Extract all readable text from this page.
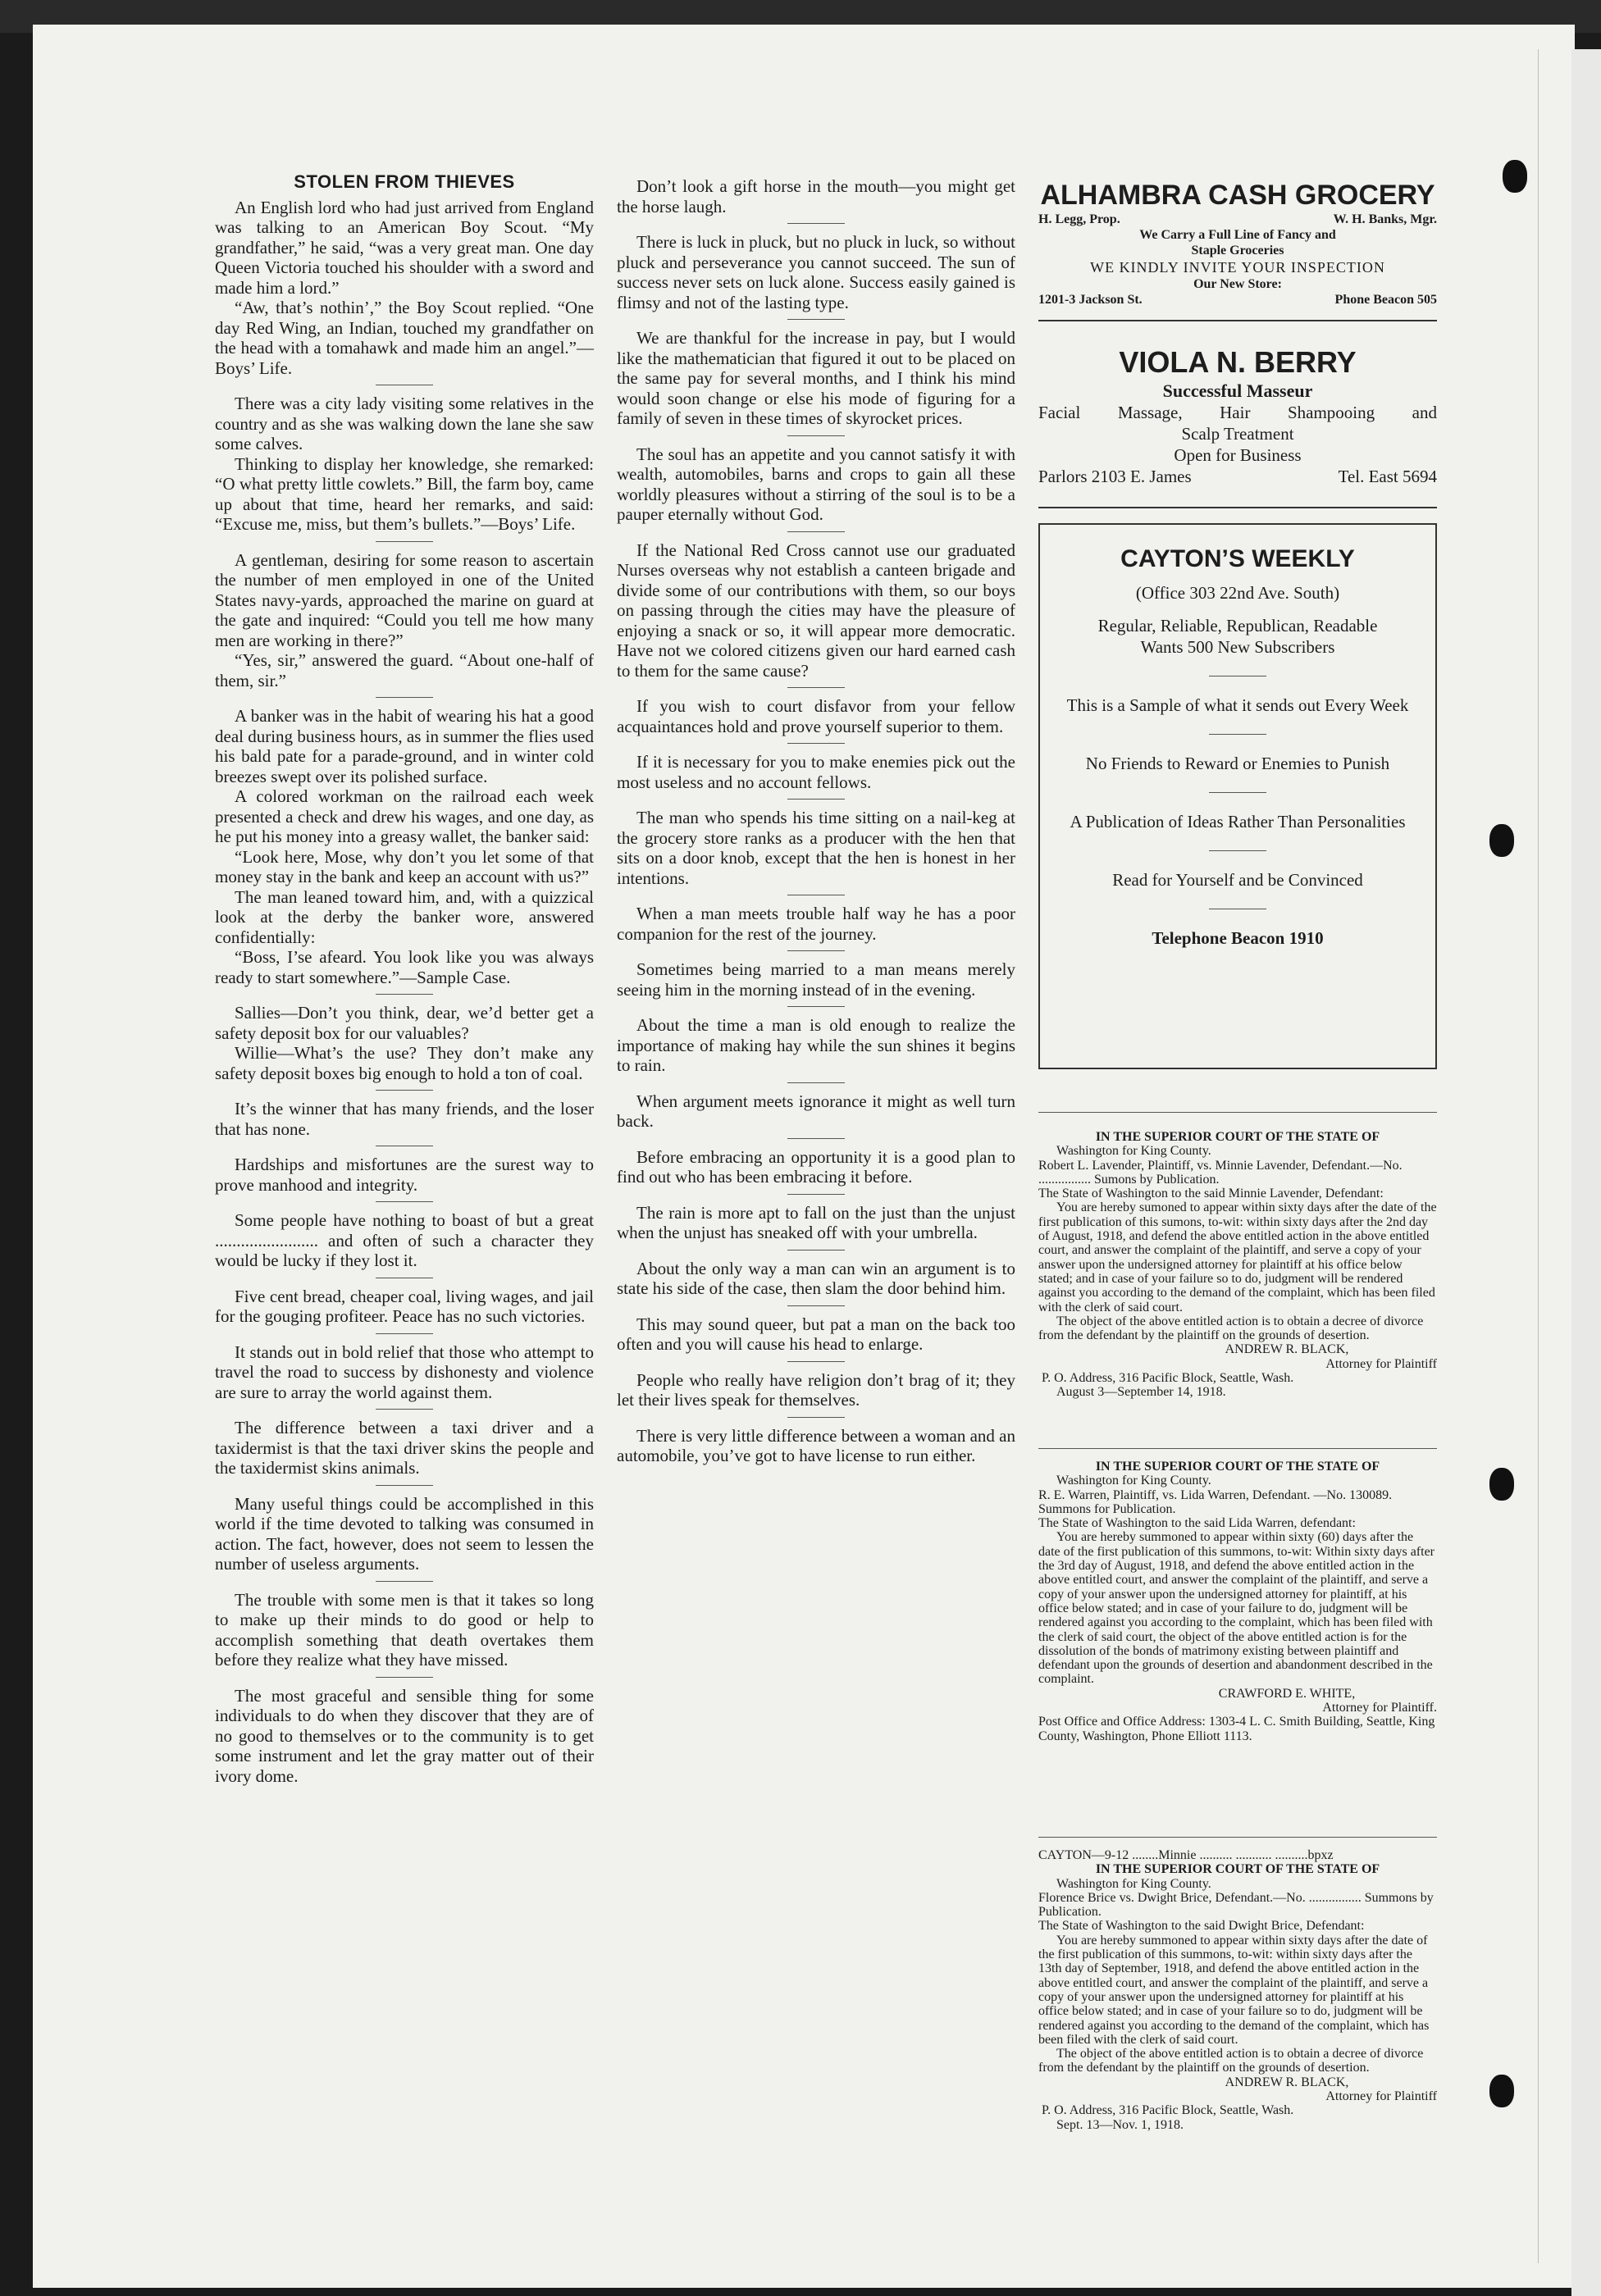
STOLEN FROM THIEVES

An English lord who had just arrived from England was talking to an American Boy Scout. “My grandfather,” he said, “was a very great man. One day Queen Victoria touched his shoulder with a sword and made him a lord.”

“Aw, that’s nothin’,” the Boy Scout replied. “One day Red Wing, an Indian, touched my grandfather on the head with a tomahawk and made him an angel.”—Boys’ Life.

There was a city lady visiting some relatives in the country and as she was walking down the lane she saw some calves.

Thinking to display her knowledge, she remarked: “O what pretty little cowlets.” Bill, the farm boy, came up about that time, heard her remarks, and said: “Excuse me, miss, but them’s bullets.”—Boys’ Life.

A gentleman, desiring for some reason to ascertain the number of men employed in one of the United States navy-yards, approached the marine on guard at the gate and inquired: “Could you tell me how many men are working in there?”

“Yes, sir,” answered the guard. “About one-half of them, sir.”

A banker was in the habit of wearing his hat a good deal during business hours, as in summer the flies used his bald pate for a parade-ground, and in winter cold breezes swept over its polished surface.

A colored workman on the railroad each week presented a check and drew his wages, and one day, as he put his money into a greasy wallet, the banker said:

“Look here, Mose, why don’t you let some of that money stay in the bank and keep an account with us?”

The man leaned toward him, and, with a quizzical look at the derby the banker wore, answered confidentially:

“Boss, I’se afeard. You look like you was always ready to start somewhere.”—Sample Case.

Sallies—Don’t you think, dear, we’d better get a safety deposit box for our valuables?

Willie—What’s the use? They don’t make any safety deposit boxes big enough to hold a ton of coal.

It’s the winner that has many friends, and the loser that has none.

Hardships and misfortunes are the surest way to prove manhood and integrity.

Some people have nothing to boast of but a great ........................ and often of such a character they would be lucky if they lost it.

Five cent bread, cheaper coal, living wages, and jail for the gouging profiteer. Peace has no such victories.

It stands out in bold relief that those who attempt to travel the road to success by dishonesty and violence are sure to array the world against them.

The difference between a taxi driver and a taxidermist is that the taxi driver skins the people and the taxidermist skins animals.

Many useful things could be accomplished in this world if the time devoted to talking was consumed in action. The fact, however, does not seem to lessen the number of useless arguments.

The trouble with some men is that it takes so long to make up their minds to do good or help to accomplish something that death overtakes them before they realize what they have missed.

The most graceful and sensible thing for some individuals to do when they discover that they are of no good to themselves or to the community is to get some instrument and let the gray matter out of their ivory dome.

Don’t look a gift horse in the mouth—you might get the horse laugh.

There is luck in pluck, but no pluck in luck, so without pluck and perseverance you cannot succeed. The sun of success never sets on luck alone. Success easily gained is flimsy and not of the lasting type.

We are thankful for the increase in pay, but I would like the mathematician that figured it out to be placed on the same pay for several months, and I think his mind would soon change or else his mode of figuring for a family of seven in these times of skyrocket prices.

The soul has an appetite and you cannot satisfy it with wealth, automobiles, barns and crops to gain all these worldly pleasures without a stirring of the soul is to be a pauper eternally without God.

If the National Red Cross cannot use our graduated Nurses overseas why not establish a canteen brigade and divide some of our contributions with them, so our boys on passing through the cities may have the pleasure of enjoying a snack or so, it will appear more democratic. Have not we colored citizens given our hard earned cash to them for the same cause?

If you wish to court disfavor from your fellow acquaintances hold and prove yourself superior to them.

If it is necessary for you to make enemies pick out the most useless and no account fellows.

The man who spends his time sitting on a nail-keg at the grocery store ranks as a producer with the hen that sits on a door knob, except that the hen is honest in her intentions.

When a man meets trouble half way he has a poor companion for the rest of the journey.

Sometimes being married to a man means merely seeing him in the morning instead of in the evening.

About the time a man is old enough to realize the importance of making hay while the sun shines it begins to rain.

When argument meets ignorance it might as well turn back.

Before embracing an opportunity it is a good plan to find out who has been embracing it before.

The rain is more apt to fall on the just than the unjust when the unjust has sneaked off with your umbrella.

About the only way a man can win an argument is to state his side of the case, then slam the door behind him.

This may sound queer, but pat a man on the back too often and you will cause his head to enlarge.

People who really have religion don’t brag of it; they let their lives speak for themselves.

There is very little difference between a woman and an automobile, you’ve got to have license to run either.

ALHAMBRA CASH GROCERY
H. Legg, Prop.	W. H. Banks, Mgr.
We Carry a Full Line of Fancy and
Staple Groceries
WE KINDLY INVITE YOUR INSPECTION
Our New Store:
1201-3 Jackson St.	Phone Beacon 505
VIOLA N. BERRY
Successful Masseur
Facial Massage, Hair Shampooing and
Scalp Treatment
Open for Business
Parlors 2103 E. James	Tel. East 5694
CAYTON’S WEEKLY
(Office 303 22nd Ave. South)
Regular, Reliable, Republican, Readable
Wants 500 New Subscribers
This is a Sample of what it sends out Every Week
No Friends to Reward or Enemies to Punish
A Publication of Ideas Rather Than Personalities
Read for Yourself and be Convinced
Telephone Beacon 1910
IN THE SUPERIOR COURT OF THE STATE OF
Washington for King County.
Robert L. Lavender, Plaintiff, vs. Minnie Lavender, Defendant.—No. ................ Sumons by Publication.
The State of Washington to the said Minnie Lavender, Defendant:
You are hereby sumoned to appear within sixty days after the date of the first publication of this sumons, to-wit: within sixty days after the 2nd day of August, 1918, and defend the above entitled action in the above entitled court, and answer the complaint of the plaintiff, and serve a copy of your answer upon the undersigned attorney for plaintiff at his office below stated; and in case of your failure so to do, judgment will be rendered against you according to the demand of the complaint, which has been filed with the clerk of said court.
The object of the above entitled action is to obtain a decree of divorce from the defendant by the plaintiff on the grounds of desertion.
ANDREW R. BLACK,
Attorney for Plaintiff
P. O. Address, 316 Pacific Block, Seattle, Wash.
August 3—September 14, 1918.
IN THE SUPERIOR COURT OF THE STATE OF
Washington for King County.
R. E. Warren, Plaintiff, vs. Lida Warren, Defendant. —No. 130089. Summons for Publication.
The State of Washington to the said Lida Warren, defendant:
You are hereby summoned to appear within sixty (60) days after the date of the first publication of this summons, to-wit: Within sixty days after the 3rd day of August, 1918, and defend the above entitled action in the above entitled court, and answer the complaint of the plaintiff, and serve a copy of your answer upon the undersigned attorney for plaintiff, at his office below stated; and in case of your failure to do, judgment will be rendered against you according to the complaint, which has been filed with the clerk of said court, the object of the above entitled action is for the dissolution of the bonds of matrimony existing between plaintiff and defendant upon the grounds of desertion and abandonment described in the complaint.
CRAWFORD E. WHITE,
Attorney for Plaintiff.
Post Office and Office Address: 1303-4 L. C. Smith Building, Seattle, King County, Washington, Phone Elliott 1113.
CAYTON—9-12 ........Minnie .......... ........... ..........bpxz
IN THE SUPERIOR COURT OF THE STATE OF
Washington for King County.
Florence Brice vs. Dwight Brice, Defendant.—No. ................ Summons by Publication.
The State of Washington to the said Dwight Brice, Defendant:
You are hereby summoned to appear within sixty days after the date of the first publication of this summons, to-wit: within sixty days after the 13th day of September, 1918, and defend the above entitled action in the above entitled court, and answer the complaint of the plaintiff, and serve a copy of your answer upon the undersigned attorney for plaintiff at his office below stated; and in case of your failure so to do, judgment will be rendered against you according to the demand of the complaint, which has been filed with the clerk of said court.
The object of the above entitled action is to obtain a decree of divorce from the defendant by the plaintiff on the grounds of desertion.
ANDREW R. BLACK,
Attorney for Plaintiff
P. O. Address, 316 Pacific Block, Seattle, Wash.
Sept. 13—Nov. 1, 1918.
